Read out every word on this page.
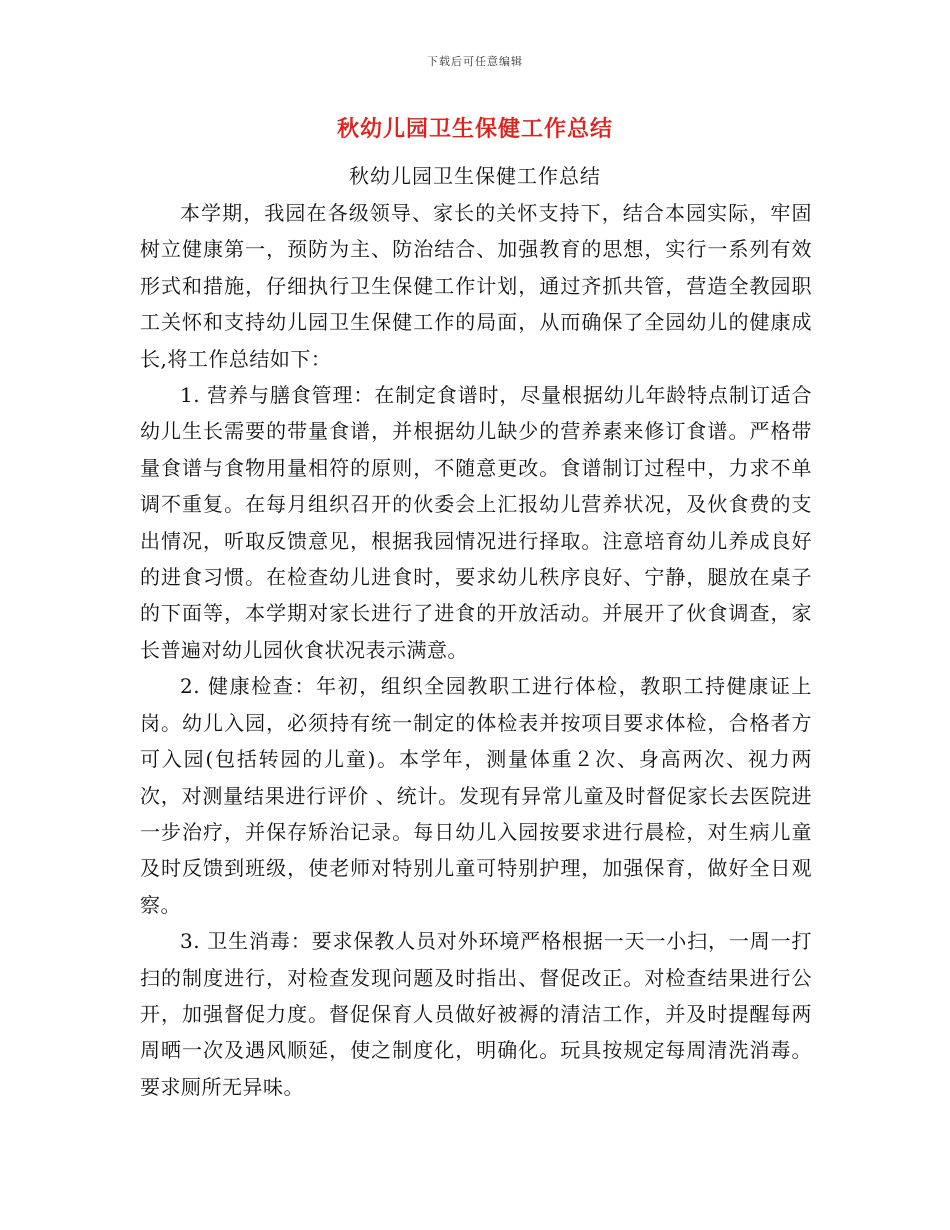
下载后可任意编辑
秋幼儿园卫生保健工作总结
秋幼儿园卫生保健工作总结

本学期，我园在各级领导、家长的关怀支持下，结合本园实际，牢固树立健康第一，预防为主、防治结合、加强教育的思想，实行一系列有效形式和措施，仔细执行卫生保健工作计划，通过齐抓共管，营造全教园职工关怀和支持幼儿园卫生保健工作的局面，从而确保了全园幼儿的健康成长,将工作总结如下：

1. 营养与膳食管理：在制定食谱时，尽量根据幼儿年龄特点制订适合幼儿生长需要的带量食谱，并根据幼儿缺少的营养素来修订食谱。严格带量食谱与食物用量相符的原则，不随意更改。食谱制订过程中，力求不单调不重复。在每月组织召开的伙委会上汇报幼儿营养状况，及伙食费的支出情况，听取反馈意见，根据我园情况进行择取。注意培育幼儿养成良好的进食习惯。在检查幼儿进食时，要求幼儿秩序良好、宁静，腿放在桌子的下面等，本学期对家长进行了进食的开放活动。并展开了伙食调查，家长普遍对幼儿园伙食状况表示满意。

2. 健康检查：年初，组织全园教职工进行体检，教职工持健康证上岗。幼儿入园，必须持有统一制定的体检表并按项目要求体检，合格者方可入园(包括转园的儿童)。本学年，测量体重２次、身高两次、视力两次，对测量结果进行评价 、统计。发现有异常儿童及时督促家长去医院进一步治疗，并保存矫治记录。每日幼儿入园按要求进行晨检，对生病儿童及时反馈到班级，使老师对特别儿童可特别护理，加强保育，做好全日观察。

3. 卫生消毒：要求保教人员对外环境严格根据一天一小扫，一周一打扫的制度进行，对检查发现问题及时指出、督促改正。对检查结果进行公开，加强督促力度。督促保育人员做好被褥的清洁工作，并及时提醒每两周晒一次及遇风顺延，使之制度化，明确化。玩具按规定每周清洗消毒。要求厕所无异味。
